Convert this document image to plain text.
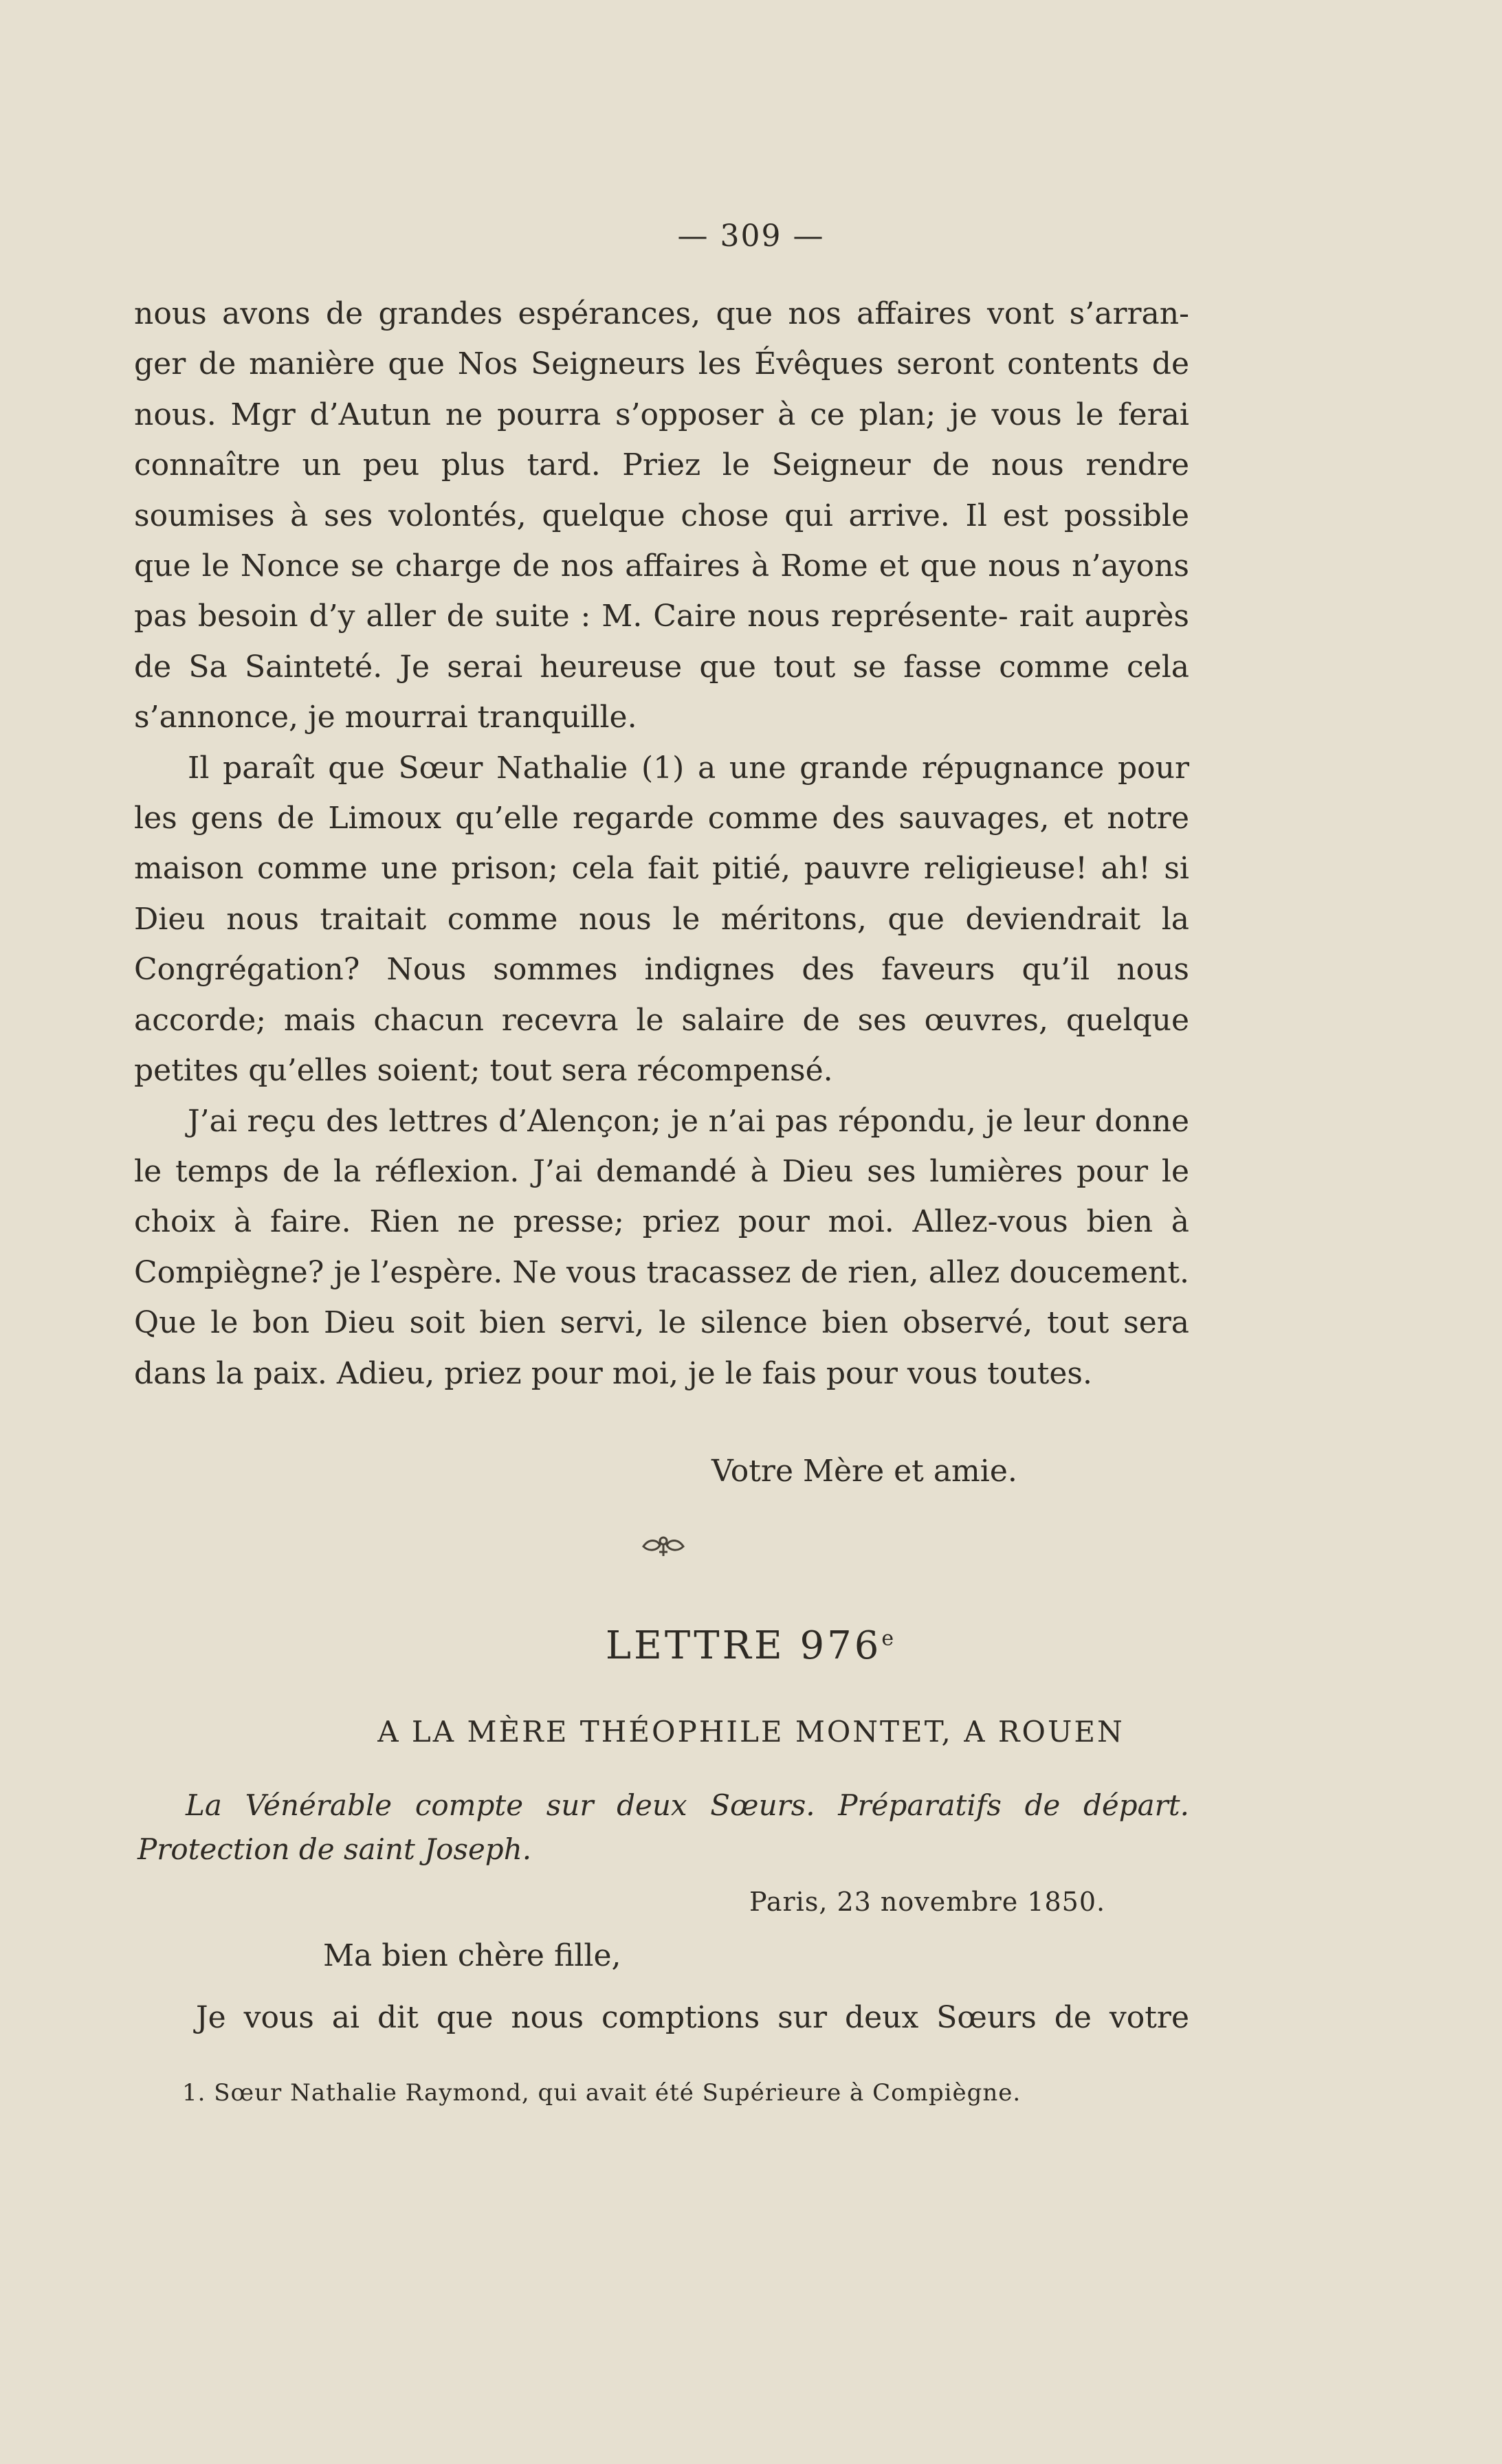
— 309 —

nous avons de grandes espérances, que nos affaires vont s’arran- ger de manière que Nos Seigneurs les Évêques seront contents de nous. Mgr d’Autun ne pourra s’opposer à ce plan; je vous le ferai connaître un peu plus tard. Priez le Seigneur de nous rendre soumises à ses volontés, quelque chose qui arrive. Il est possible que le Nonce se charge de nos affaires à Rome et que nous n’ayons pas besoin d’y aller de suite : M. Caire nous représente- rait auprès de Sa Sainteté. Je serai heureuse que tout se fasse comme cela s’annonce, je mourrai tranquille.

Il paraît que Sœur Nathalie (1) a une grande répugnance pour les gens de Limoux qu’elle regarde comme des sauvages, et notre maison comme une prison; cela fait pitié, pauvre religieuse! ah! si Dieu nous traitait comme nous le méritons, que deviendrait la Congrégation? Nous sommes indignes des faveurs qu’il nous accorde; mais chacun recevra le salaire de ses œuvres, quelque petites qu’elles soient; tout sera récompensé.

J’ai reçu des lettres d’Alençon; je n’ai pas répondu, je leur donne le temps de la réflexion. J’ai demandé à Dieu ses lumières pour le choix à faire. Rien ne presse; priez pour moi. Allez-vous bien à Compiègne? je l’espère. Ne vous tracassez de rien, allez doucement. Que le bon Dieu soit bien servi, le silence bien observé, tout sera dans la paix. Adieu, priez pour moi, je le fais pour vous toutes.

Votre Mère et amie.
LETTRE 976e
A LA MÈRE THÉOPHILE MONTET, A ROUEN
La Vénérable compte sur deux Sœurs. Préparatifs de départ.
Protection de saint Joseph.
Paris, 23 novembre 1850.
Ma bien chère fille,
Je vous ai dit que nous comptions sur deux Sœurs de votre
1. Sœur Nathalie Raymond, qui avait été Supérieure à Compiègne.
